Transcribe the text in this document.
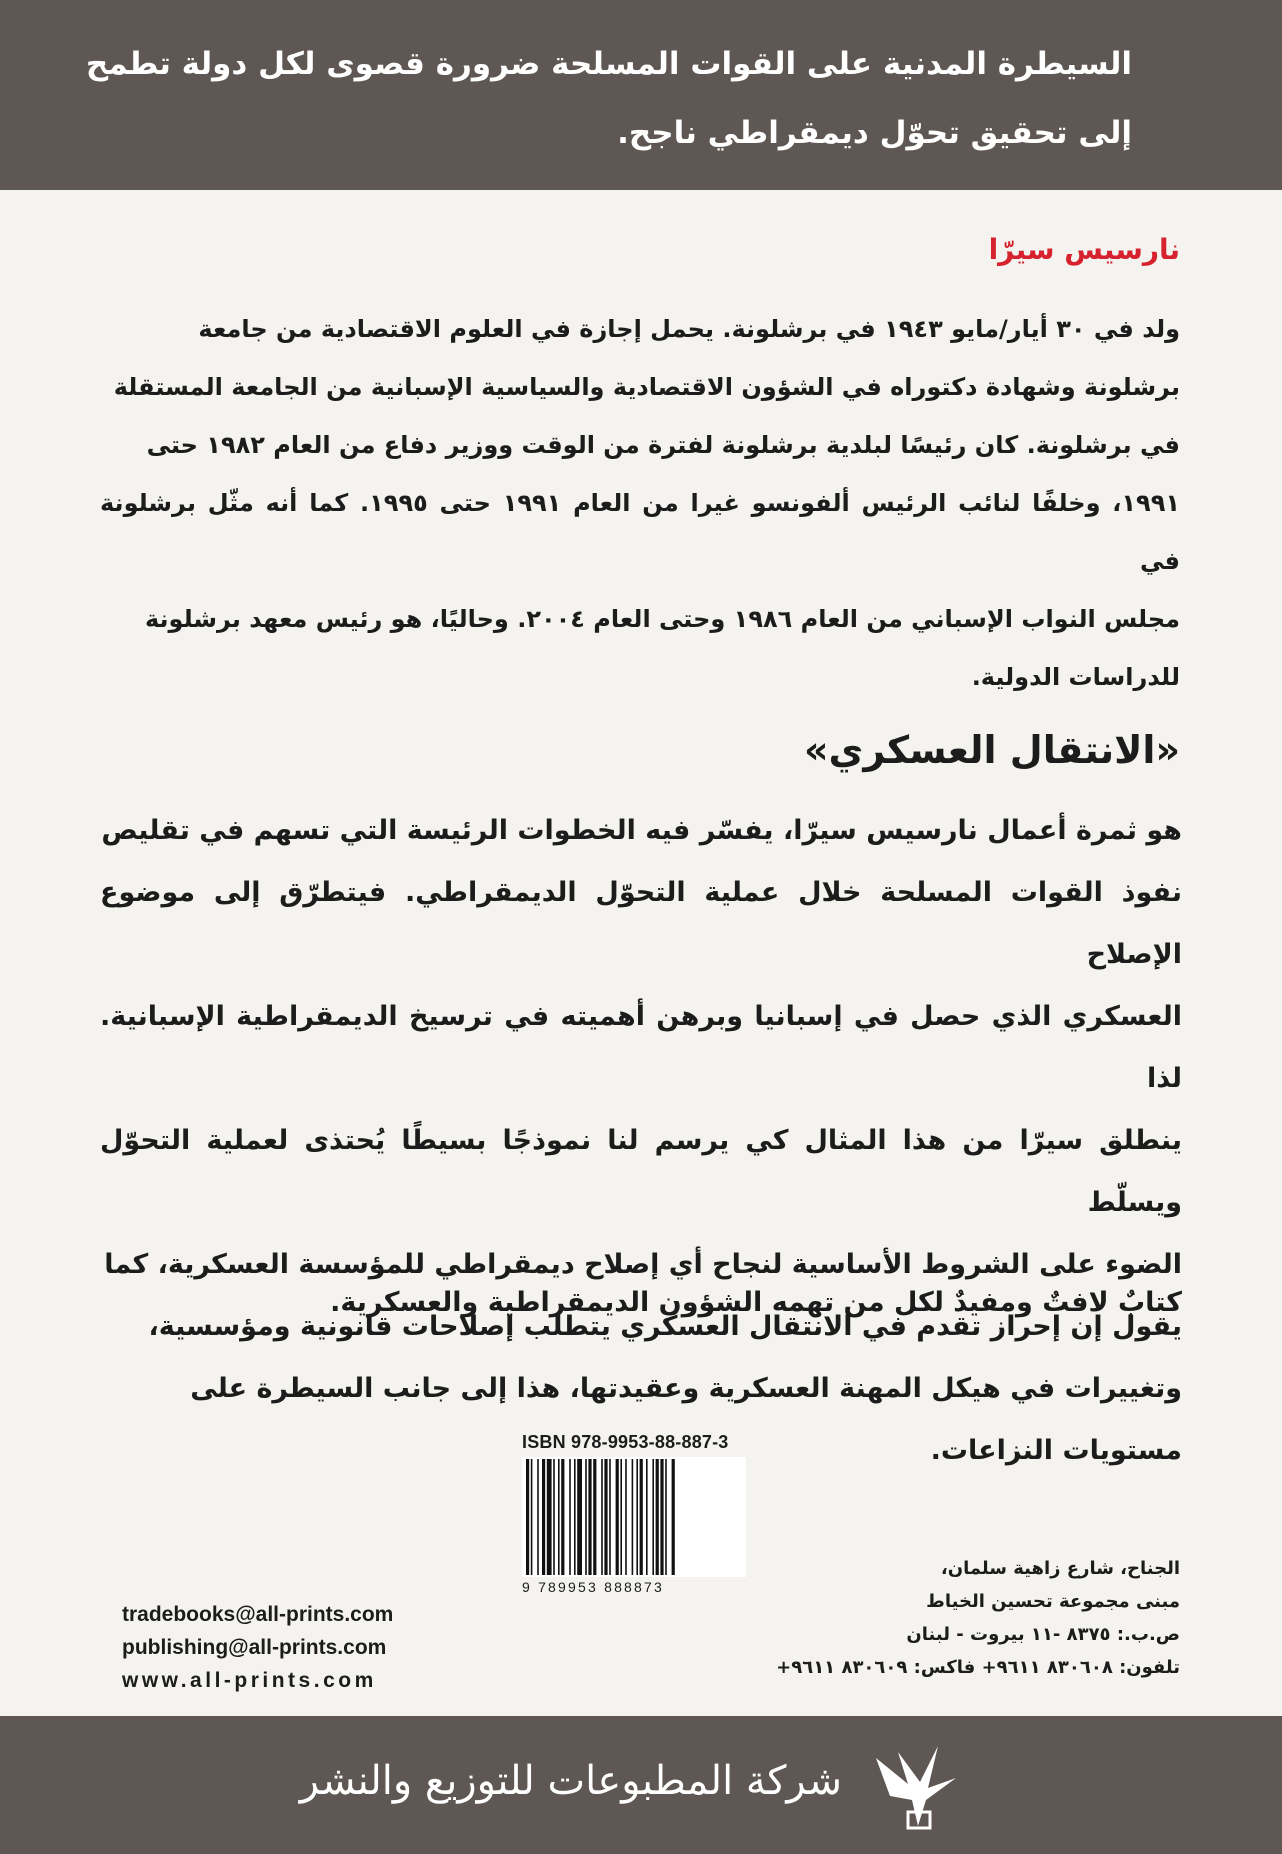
السيطرة المدنية على القوات المسلحة ضرورة قصوى لكل دولة تطمح
إلى تحقيق تحوّل ديمقراطي ناجح.
نارسيس سيرّا
ولد في ٣٠ أيار/مايو ١٩٤٣ في برشلونة. يحمل إجازة في العلوم الاقتصادية من جامعة
برشلونة وشهادة دكتوراه في الشؤون الاقتصادية والسياسية الإسبانية من الجامعة المستقلة
في برشلونة. كان رئيسًا لبلدية برشلونة لفترة من الوقت ووزير دفاع من العام ١٩٨٢ حتى
١٩٩١، وخلفًا لنائب الرئيس ألفونسو غيرا من العام ١٩٩١ حتى ١٩٩٥. كما أنه مثّل برشلونة في
مجلس النواب الإسباني من العام ١٩٨٦ وحتى العام ٢٠٠٤. وحاليًا، هو رئيس معهد برشلونة
للدراسات الدولية.
«الانتقال العسكري»
هو ثمرة أعمال نارسيس سيرّا، يفسّر فيه الخطوات الرئيسة التي تسهم في تقليص
نفوذ القوات المسلحة خلال عملية التحوّل الديمقراطي. فيتطرّق إلى موضوع الإصلاح
العسكري الذي حصل في إسبانيا وبرهن أهميته في ترسيخ الديمقراطية الإسبانية. لذا
ينطلق سيرّا من هذا المثال كي يرسم لنا نموذجًا بسيطًا يُحتذى لعملية التحوّل ويسلّط
الضوء على الشروط الأساسية لنجاح أي إصلاح ديمقراطي للمؤسسة العسكرية، كما
يقول إن إحراز تقدم في الانتقال العسكري يتطلب إصلاحات قانونية ومؤسسية،
وتغييرات في هيكل المهنة العسكرية وعقيدتها، هذا إلى جانب السيطرة على
مستويات النزاعات.
كتابٌ لافتٌ ومفيدٌ لكل من تهمه الشؤون الديمقراطية والعسكرية.
ISBN 978-9953-88-887-3
9 789953 888873
tradebooks@all-prints.com
publishing@all-prints.com
www.all-prints.com
الجناح، شارع زاهية سلمان،
مبنى مجموعة تحسين الخياط
ص.ب.: ٨٣٧٥ -١١ بيروت - لبنان
تلفون: ٨٣٠٦٠٨ ٩٦١١+ فاكس: ٨٣٠٦٠٩ ٩٦١١+
شركة المطبوعات للتوزيع والنشر
